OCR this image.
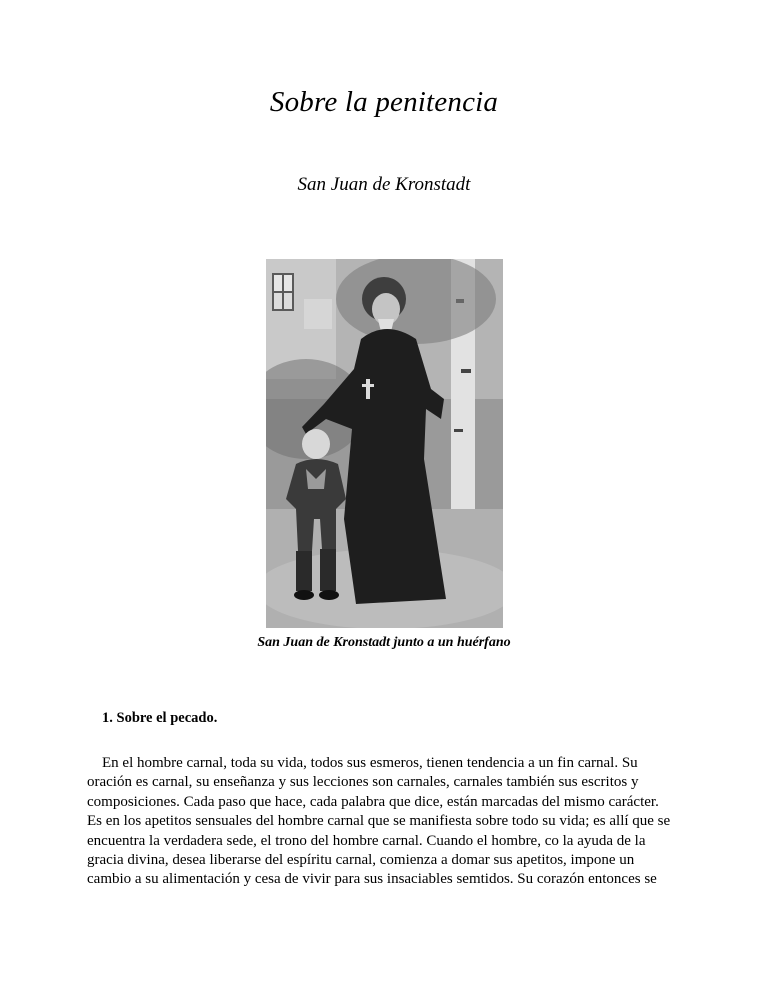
Sobre la penitencia
San Juan de Kronstadt
San Juan de Kronstadt junto a un huérfano
1. Sobre el pecado.
En el hombre carnal, toda su vida, todos sus esmeros, tienen tendencia a un fin carnal. Su
oración es carnal, su enseñanza y sus lecciones son carnales, carnales también sus escritos y
composiciones. Cada paso que hace, cada palabra que dice, están marcadas del mismo carácter.
Es en los apetitos sensuales del hombre carnal que se manifiesta sobre todo su vida; es allí que se
encuentra la verdadera sede, el trono del hombre carnal. Cuando el hombre, co la ayuda de la
gracia divina, desea liberarse del espíritu carnal, comienza a domar sus apetitos, impone un
cambio a su alimentación y cesa de vivir para sus insaciables semtidos. Su corazón entonces se
